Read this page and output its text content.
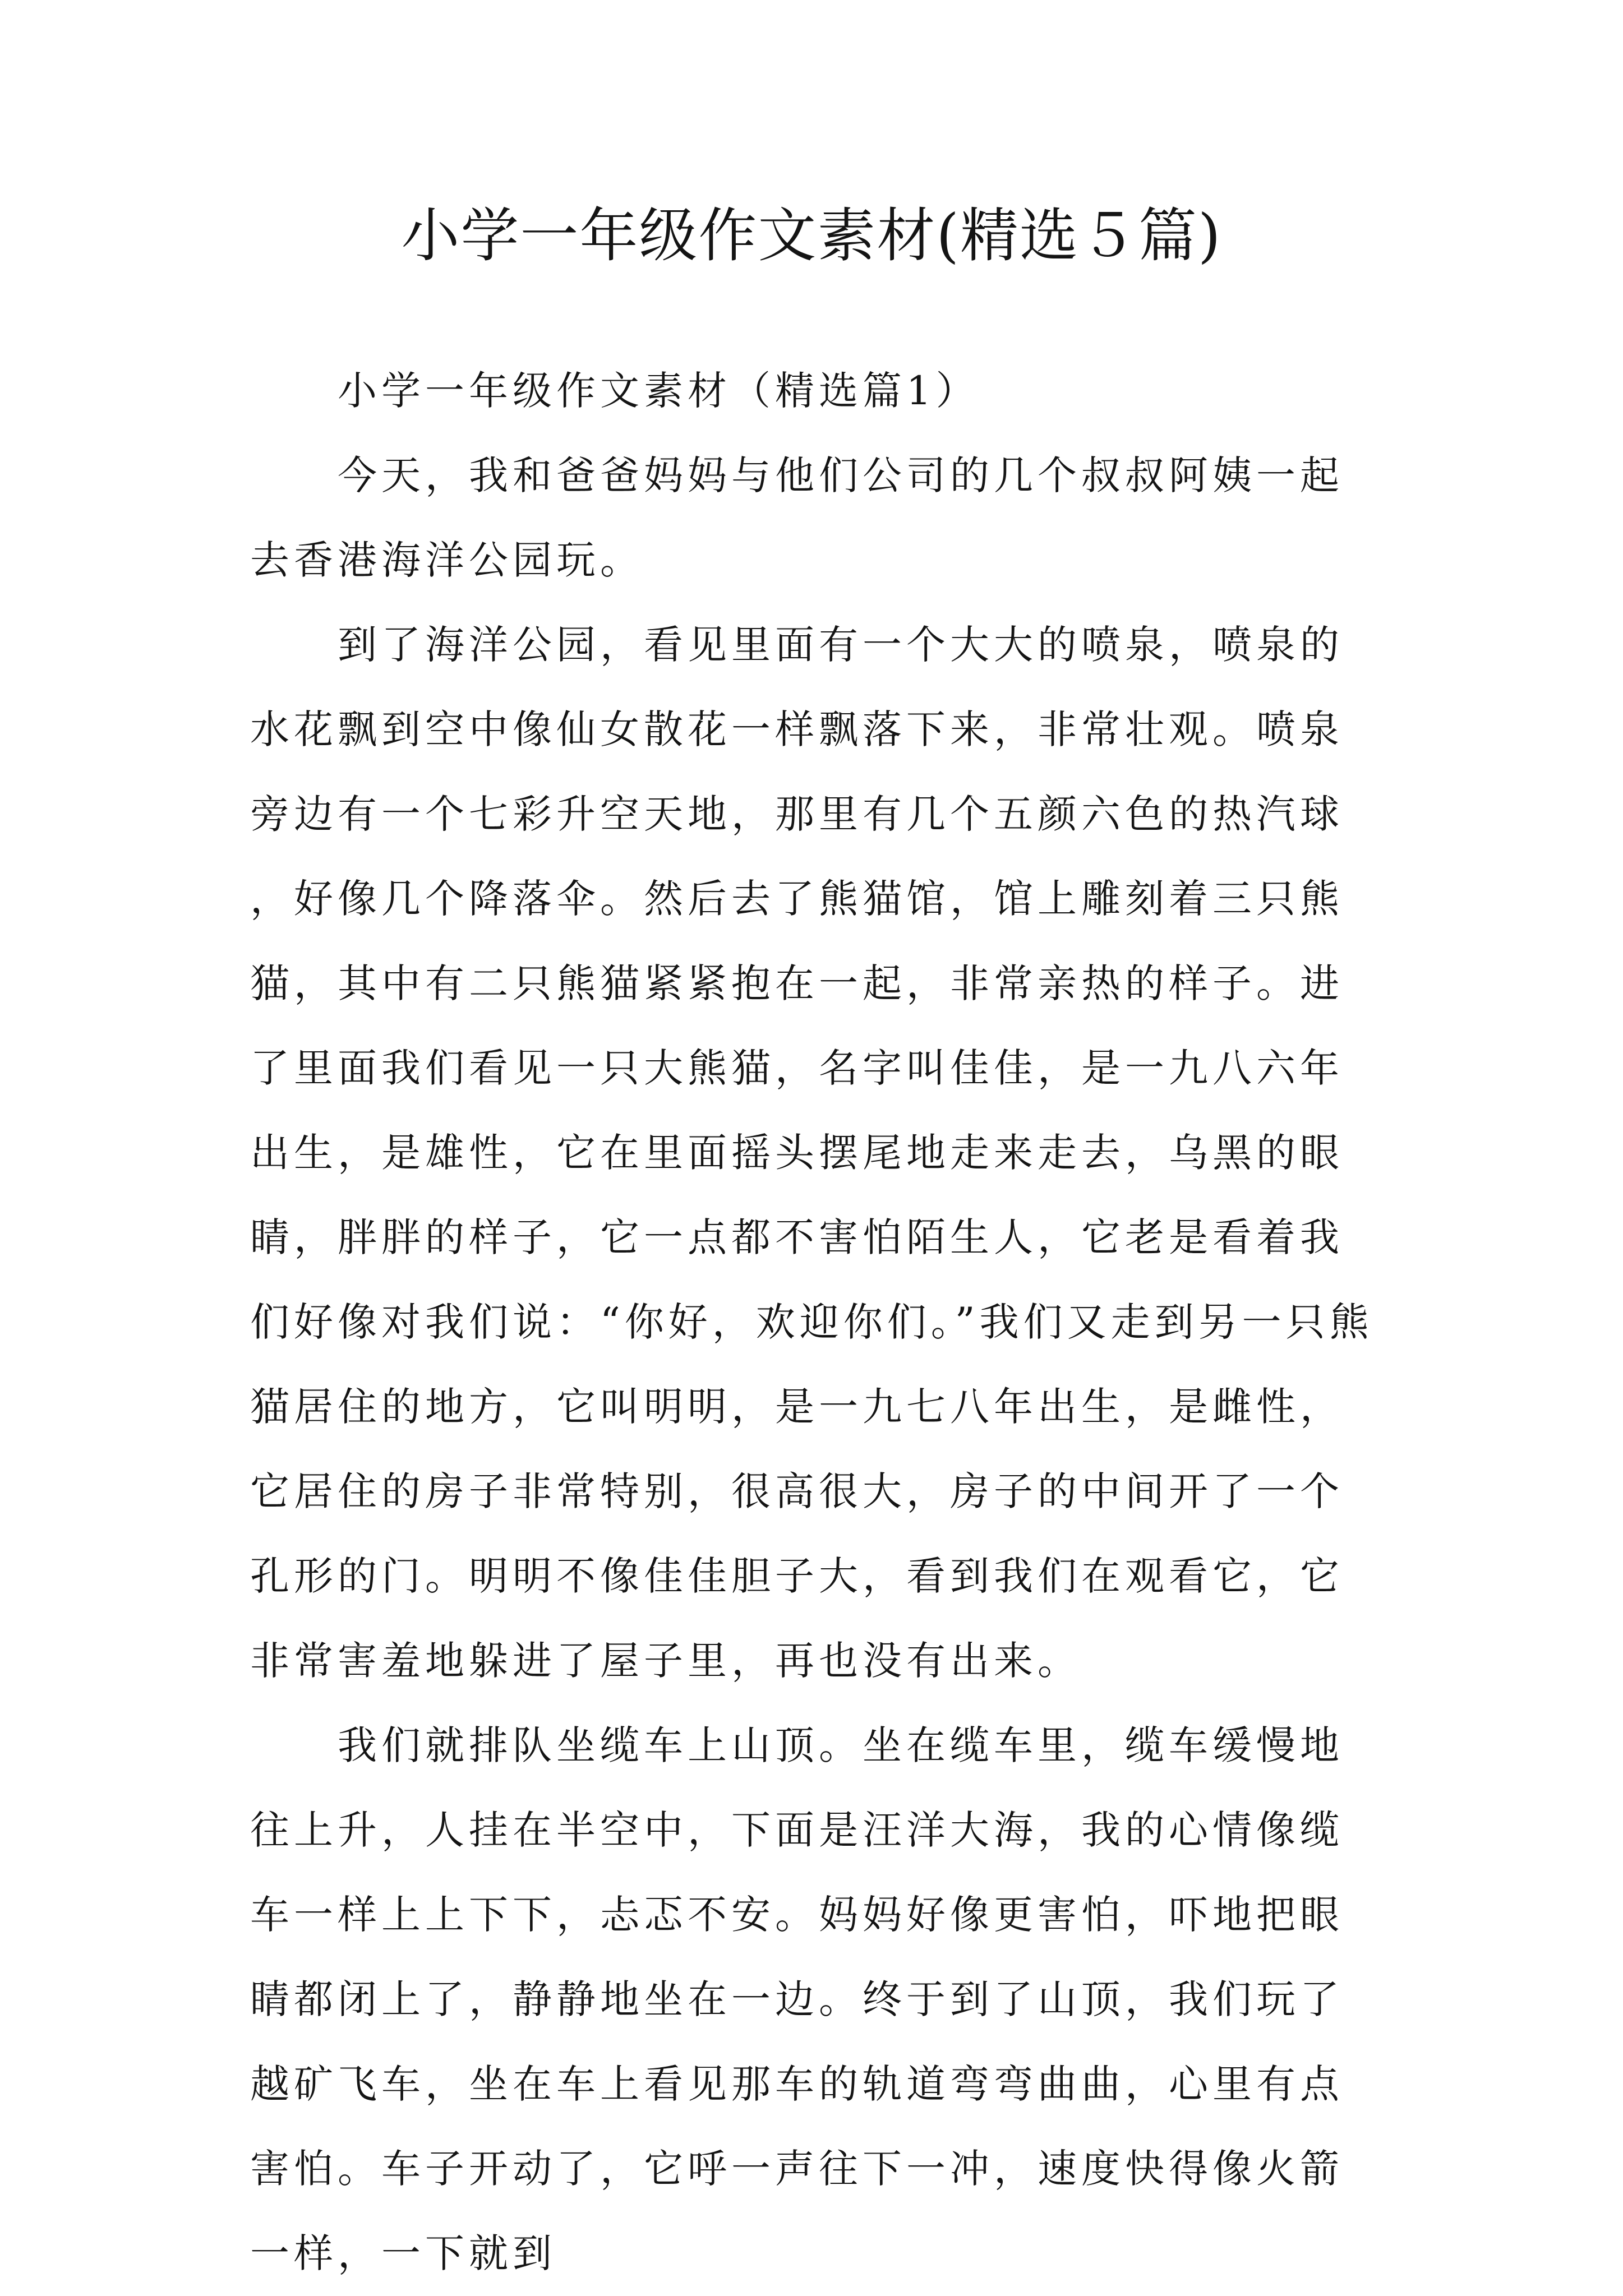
小学一年级作文素材(精选５篇)

小学一年级作文素材（精选篇1）

今天，我和爸爸妈妈与他们公司的几个叔叔阿姨一起去香港海洋公园玩。

到了海洋公园，看见里面有一个大大的喷泉，喷泉的水花飘到空中像仙女散花一样飘落下来，非常壮观。喷泉旁边有一个七彩升空天地，那里有几个五颜六色的热汽球，好像几个降落伞。然后去了熊猫馆，馆上雕刻着三只熊猫，其中有二只熊猫紧紧抱在一起，非常亲热的样子。进了里面我们看见一只大熊猫，名字叫佳佳，是一九八六年出生，是雄性，它在里面摇头摆尾地走来走去，乌黑的眼睛，胖胖的样子，它一点都不害怕陌生人，它老是看着我们好像对我们说：“你好，欢迎你们。”我们又走到另一只熊猫居住的地方，它叫明明，是一九七八年出生，是雌性，它居住的房子非常特别，很高很大，房子的中间开了一个孔形的门。明明不像佳佳胆子大，看到我们在观看它，它非常害羞地躲进了屋子里，再也没有出来。

我们就排队坐缆车上山顶。坐在缆车里，缆车缓慢地往上升，人挂在半空中，下面是汪洋大海，我的心情像缆车一样上上下下，忐忑不安。妈妈好像更害怕，吓地把眼睛都闭上了，静静地坐在一边。终于到了山顶，我们玩了越矿飞车，坐在车上看见那车的轨道弯弯曲曲，心里有点害怕。车子开动了，它呼一声往下一冲，速度快得像火箭一样，一下就到
